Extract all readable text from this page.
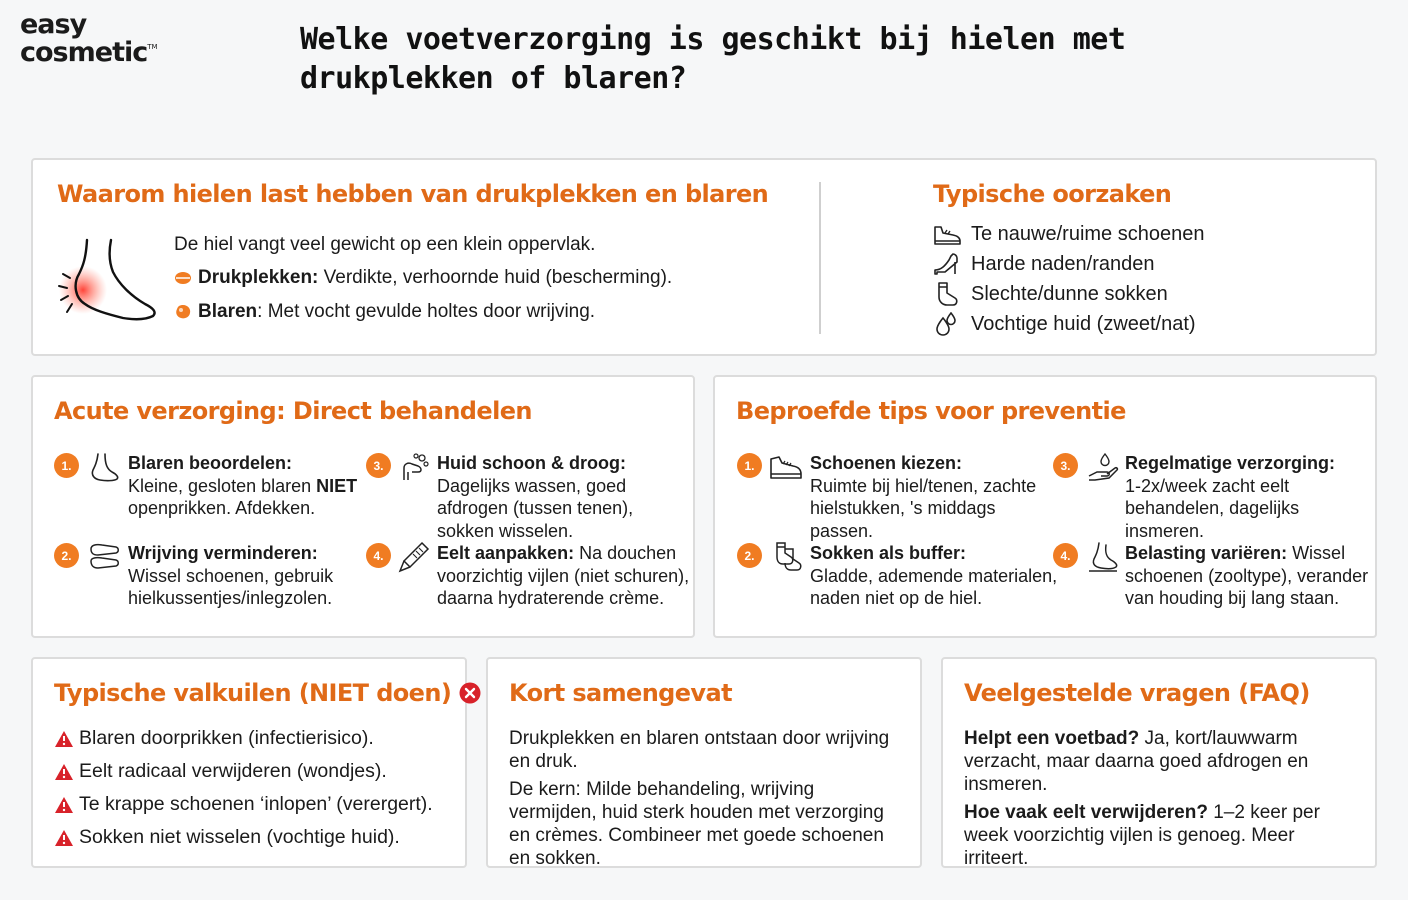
easy
cosmetic™	Welke voetverzorging is geschikt bij hielen met drukplekken of blaren?
Waarom hielen last hebben van drukplekken en blaren

De hiel vangt veel gewicht op een klein oppervlak.

Drukplekken: Verdikte, verhoornde huid (bescherming).
Blaren : Met vocht gevulde holtes door wrijving.
Typische oorzaken
Te nauwe/ruime schoenen
Harde naden/randen
Slechte/dunne sokken
Vochtige huid (zweet/nat)
Acute verzorging: Direct behandelen
1.	Blaren beoordelen:
Kleine, gesloten blaren NIET
openprikken. Afdekken.
2.	Wrijving verminderen:
Wissel schoenen, gebruik hielkussentjes/inlegzolen.
3.	Huid schoon & droog:
Dagelijks wassen, goed afdrogen (tussen tenen), sokken wisselen.
4.	Eelt aanpakken: Na douchen voorzichtig vijlen (niet schuren), daarna hydraterende crème.
Beproefde tips voor preventie
1.	Schoenen kiezen:
Ruimte bij hiel/tenen, zachte hielstukken, 's middags passen.
2.	Sokken als buffer:
Gladde, ademende materialen, naden niet op de hiel.
3.	Regelmatige verzorging:
1-2x/week zacht eelt behandelen, dagelijks insmeren.
4.	Belasting variëren: Wissel schoenen (zooltype), verander van houding bij lang staan.
Typische valkuilen (NIET doen)
Blaren doorprikken (infectierisico).
Eelt radicaal verwijderen (wondjes).
Te krappe schoenen ‘inlopen’ (verergert).
Sokken niet wisselen (vochtige huid).
Kort samengevat

Drukplekken en blaren ontstaan door wrijving en druk.

De kern: Milde behandeling, wrijving vermijden, huid sterk houden met verzorging en crèmes. Combineer met goede schoenen en sokken.

Veelgestelde vragen (FAQ)

Helpt een voetbad? Ja, kort/lauwwarm verzacht, maar daarna goed afdrogen en insmeren.

Hoe vaak eelt verwijderen? 1–2 keer per week voorzichtig vijlen is genoeg. Meer irriteert.
